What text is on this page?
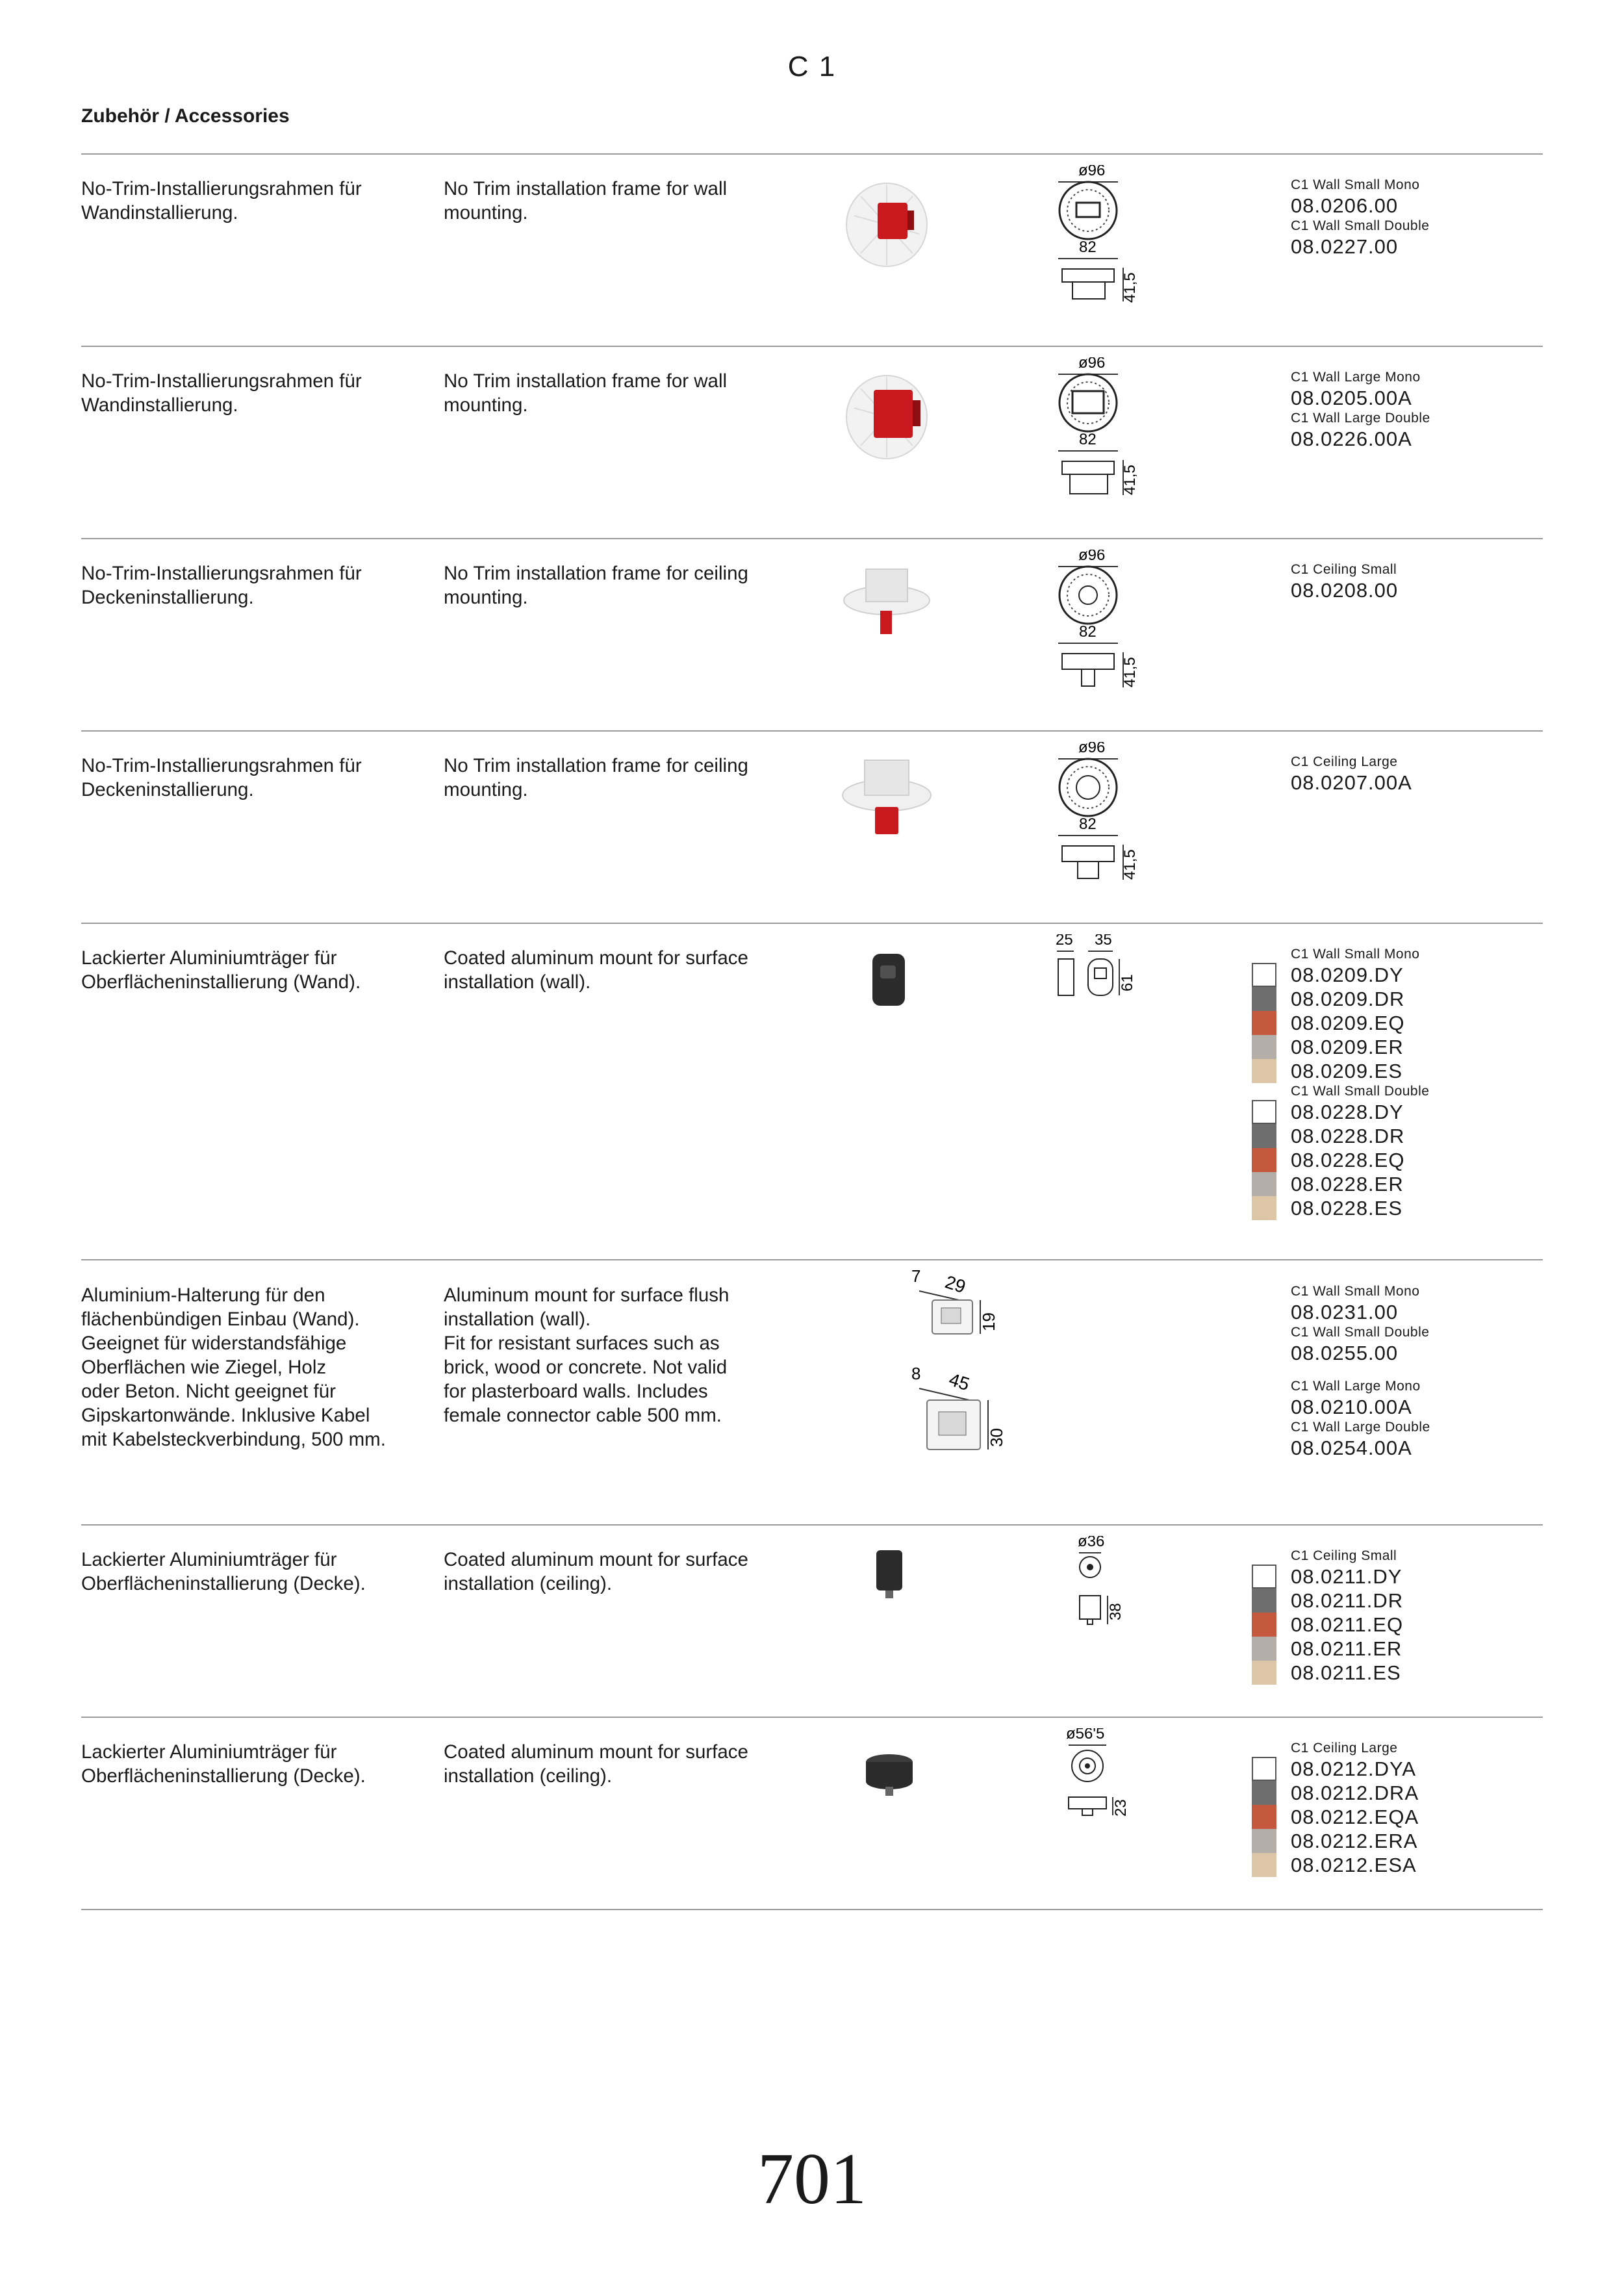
C 1
Zubehör / Accessories
No-Trim-Installierungsrahmen für
Wandinstallierung.
No Trim installation frame for wall
mounting.
ø96
82
41,5
C1 Wall Small Mono
08.0206.00
C1 Wall Small Double
08.0227.00
No-Trim-Installierungsrahmen für
Wandinstallierung.
No Trim installation frame for wall
mounting.
ø96
82
41,5
C1 Wall Large Mono
08.0205.00A
C1 Wall Large Double
08.0226.00A
No-Trim-Installierungsrahmen für
Deckeninstallierung.
No Trim installation frame for ceiling
mounting.
ø96
82
41,5
C1 Ceiling Small
08.0208.00
No-Trim-Installierungsrahmen für
Deckeninstallierung.
No Trim installation frame for ceiling
mounting.
ø96
82
41,5
C1 Ceiling Large
08.0207.00A
Lackierter Aluminiumträger für
Oberflächeninstallierung (Wand).
Coated aluminum mount for surface
installation (wall).
25 35
61
C1 Wall Small Mono
08.0209.DY
08.0209.DR
08.0209.EQ
08.0209.ER
08.0209.ES
C1 Wall Small Double
08.0228.DY
08.0228.DR
08.0228.EQ
08.0228.ER
08.0228.ES
Aluminium-Halterung für den
flächenbündigen Einbau (Wand).
Geeignet für widerstandsfähige
Oberflächen wie Ziegel, Holz
oder Beton. Nicht geeignet für
Gipskartonwände. Inklusive Kabel
mit Kabelsteckverbindung, 500 mm.
Aluminum mount for surface flush
installation (wall).
Fit for resistant surfaces such as
brick, wood or concrete. Not valid
for plasterboard walls. Includes
female connector cable 500 mm.
7 29
19
8 45
30
C1 Wall Small Mono
08.0231.00
C1 Wall Small Double
08.0255.00
C1 Wall Large Mono
08.0210.00A
C1 Wall Large Double
08.0254.00A
Lackierter Aluminiumträger für
Oberflächeninstallierung (Decke).
Coated aluminum mount for surface
installation (ceiling).
ø36
38
C1 Ceiling Small
08.0211.DY
08.0211.DR
08.0211.EQ
08.0211.ER
08.0211.ES
Lackierter Aluminiumträger für
Oberflächeninstallierung (Decke).
Coated aluminum mount for surface
installation (ceiling).
ø56'5
23
C1 Ceiling Large
08.0212.DYA
08.0212.DRA
08.0212.EQA
08.0212.ERA
08.0212.ESA
701
